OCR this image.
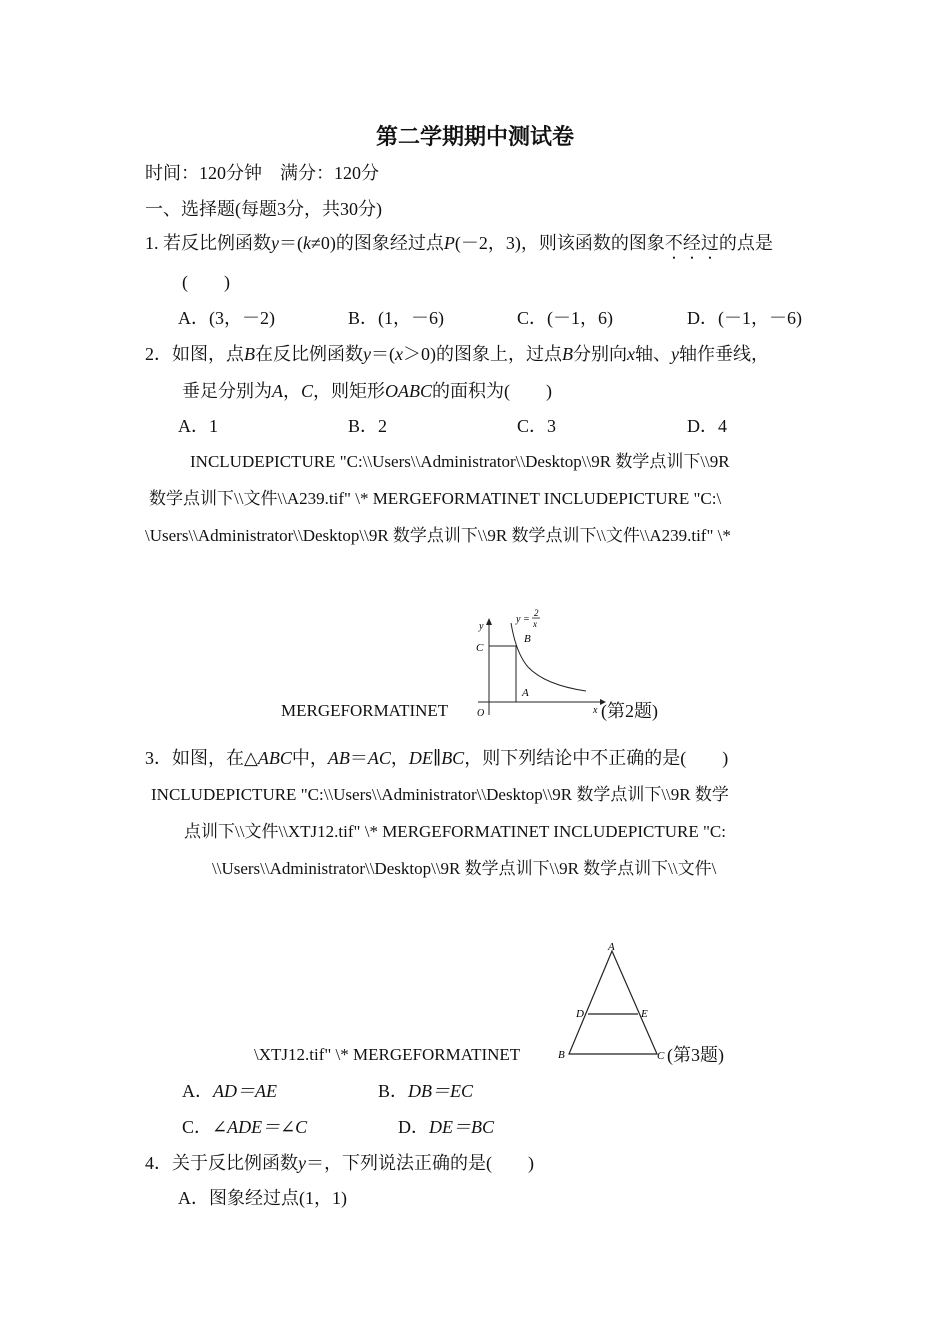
第二学期期中测试卷
时间：120分钟　满分：120分
一、选择题(每题3分，共30分)
1. 若反比例函数y＝(k≠0)的图象经过点P(－2，3)，则该函数的图象不经过的点是
(　　)
A．(3，－2)	B．(1，－6)	C．(－1，6)	D．(－1，－6)
2．如图，点B在反比例函数y＝(x＞0)的图象上，过点B分别向x轴、y轴作垂线，
垂足分别为A，C，则矩形OABC的面积为(　　)
A．1	B．2	C．3	D．4
INCLUDEPICTURE "C:\\Users\\Administrator\\Desktop\\9R 数学点训下\\9R
数学点训下\\文件\\A239.tif" \* MERGEFORMATINET INCLUDEPICTURE "C:\
\Users\\Administrator\\Desktop\\9R 数学点训下\\9R 数学点训下\\文件\\A239.tif" \*
MERGEFORMATINET
y
C
B
A
O	x
y =
2
x
(第2题)
3．如图，在△ABC中，AB＝AC，DE∥BC，则下列结论中不正确的是(　　)
INCLUDEPICTURE "C:\\Users\\Administrator\\Desktop\\9R 数学点训下\\9R 数学
点训下\\文件\\XTJ12.tif" \* MERGEFORMATINET INCLUDEPICTURE "C:
\\Users\\Administrator\\Desktop\\9R 数学点训下\\9R 数学点训下\\文件\
\XTJ12.tif" \* MERGEFORMATINET
A
B	C
D	E
(第3题)
A．AD＝AE	B．DB＝EC
C．∠ADE＝∠C	D．DE＝BC
4．关于反比例函数y＝，下列说法正确的是(　　)
A．图象经过点(1，1)
